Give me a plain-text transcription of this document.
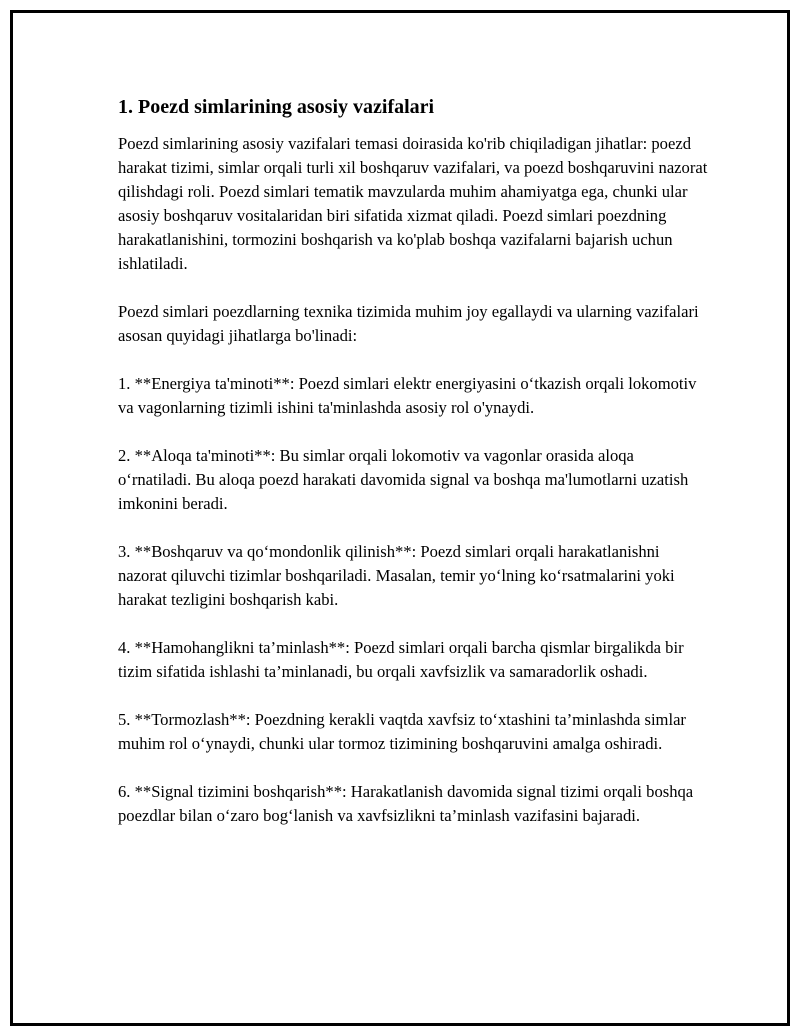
1. Poezd simlarining asosiy vazifalari

Poezd simlarining asosiy vazifalari temasi doirasida ko'rib chiqiladigan jihatlar: poezd harakat tizimi, simlar orqali turli xil boshqaruv vazifalari, va poezd boshqaruvini nazorat qilishdagi roli. Poezd simlari tematik mavzularda muhim ahamiyatga ega, chunki ular asosiy boshqaruv vositalaridan biri sifatida xizmat qiladi. Poezd simlari poezdning harakatlanishini, tormozini boshqarish va ko'plab boshqa vazifalarni bajarish uchun ishlatiladi.

Poezd simlari poezdlarning texnika tizimida muhim joy egallaydi va ularning vazifalari asosan quyidagi jihatlarga bo'linadi:

1. **Energiya ta'minoti**: Poezd simlari elektr energiyasini o‘tkazish orqali lokomotiv va vagonlarning tizimli ishini ta'minlashda asosiy rol o'ynaydi.

2. **Aloqa ta'minoti**: Bu simlar orqali lokomotiv va vagonlar orasida aloqa o‘rnatiladi. Bu aloqa poezd harakati davomida signal va boshqa ma'lumotlarni uzatish imkonini beradi.

3. **Boshqaruv va qo‘mondonlik qilinish**: Poezd simlari orqali harakatlanishni nazorat qiluvchi tizimlar boshqariladi. Masalan, temir yo‘lning ko‘rsatmalarini yoki harakat tezligini boshqarish kabi.

4. **Hamohanglikni ta’minlash**: Poezd simlari orqali barcha qismlar birgalikda bir tizim sifatida ishlashi ta’minlanadi, bu orqali xavfsizlik va samaradorlik oshadi.

5. **Tormozlash**: Poezdning kerakli vaqtda xavfsiz to‘xtashini ta’minlashda simlar muhim rol o‘ynaydi, chunki ular tormoz tizimining boshqaruvini amalga oshiradi.

6. **Signal tizimini boshqarish**: Harakatlanish davomida signal tizimi orqali boshqa poezdlar bilan o‘zaro bog‘lanish va xavfsizlikni ta’minlash vazifasini bajaradi.
